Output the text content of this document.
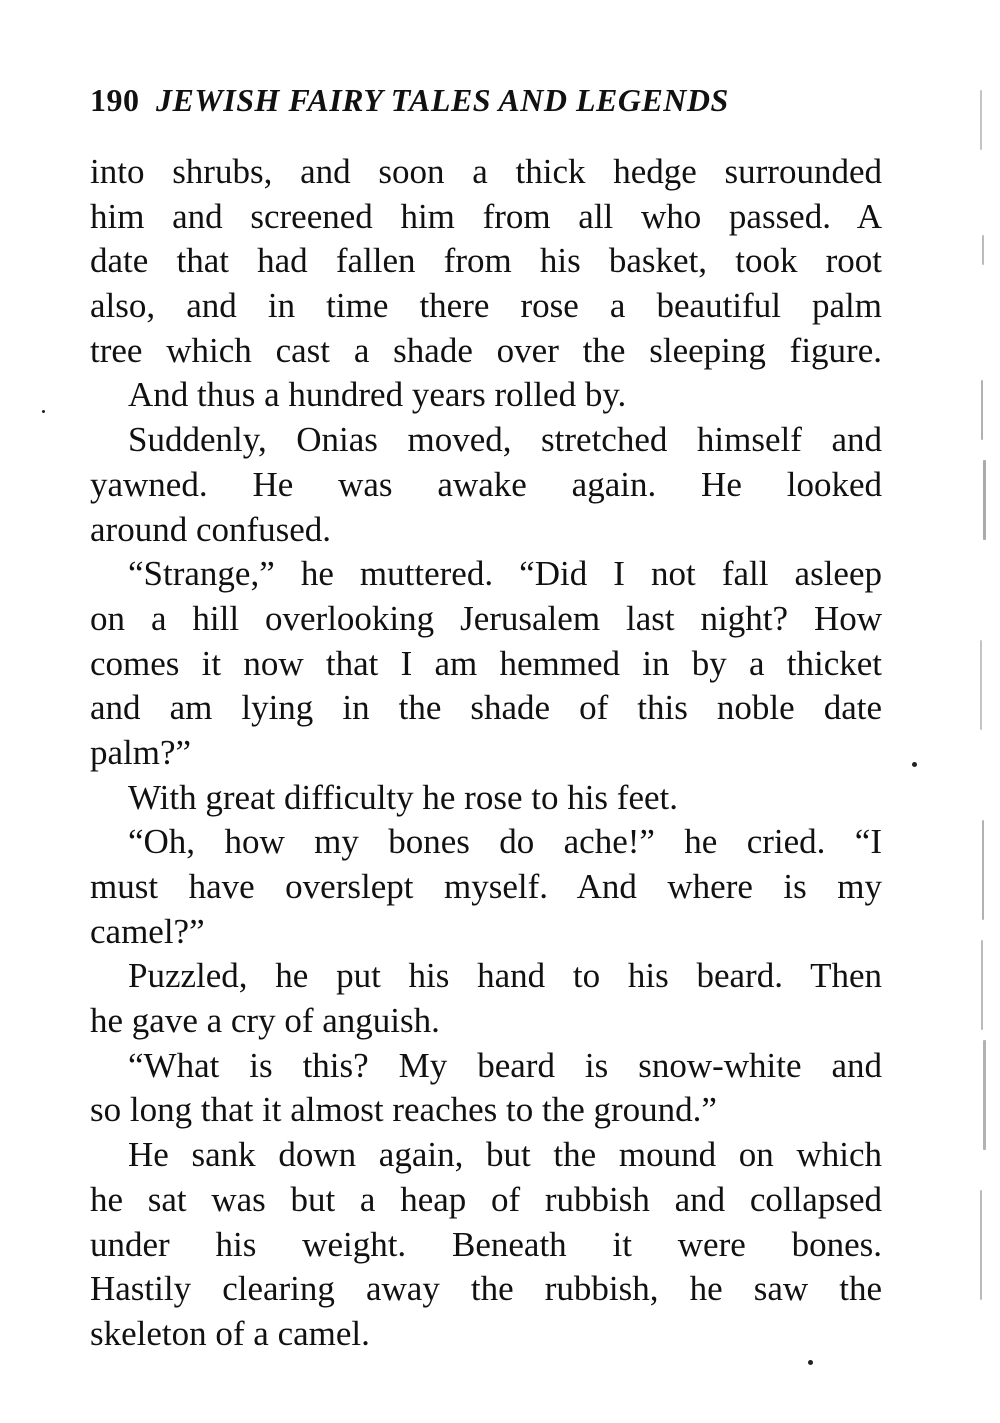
190 JEWISH FAIRY TALES AND LEGENDS
into shrubs, and soon a thick hedge surrounded
him and screened him from all who passed. A
date that had fallen from his basket, took root
also, and in time there rose a beautiful palm
tree which cast a shade over the sleeping figure.
And thus a hundred years rolled by.
Suddenly, Onias moved, stretched himself and
yawned. He was awake again. He looked
around confused.
“Strange,” he muttered. “Did I not fall asleep
on a hill overlooking Jerusalem last night? How
comes it now that I am hemmed in by a thicket
and am lying in the shade of this noble date
palm?”
With great difficulty he rose to his feet.
“Oh, how my bones do ache!” he cried. “I
must have overslept myself. And where is my
camel?”
Puzzled, he put his hand to his beard. Then
he gave a cry of anguish.
“What is this? My beard is snow-white and
so long that it almost reaches to the ground.”
He sank down again, but the mound on which
he sat was but a heap of rubbish and collapsed
under his weight. Beneath it were bones.
Hastily clearing away the rubbish, he saw the
skeleton of a camel.
